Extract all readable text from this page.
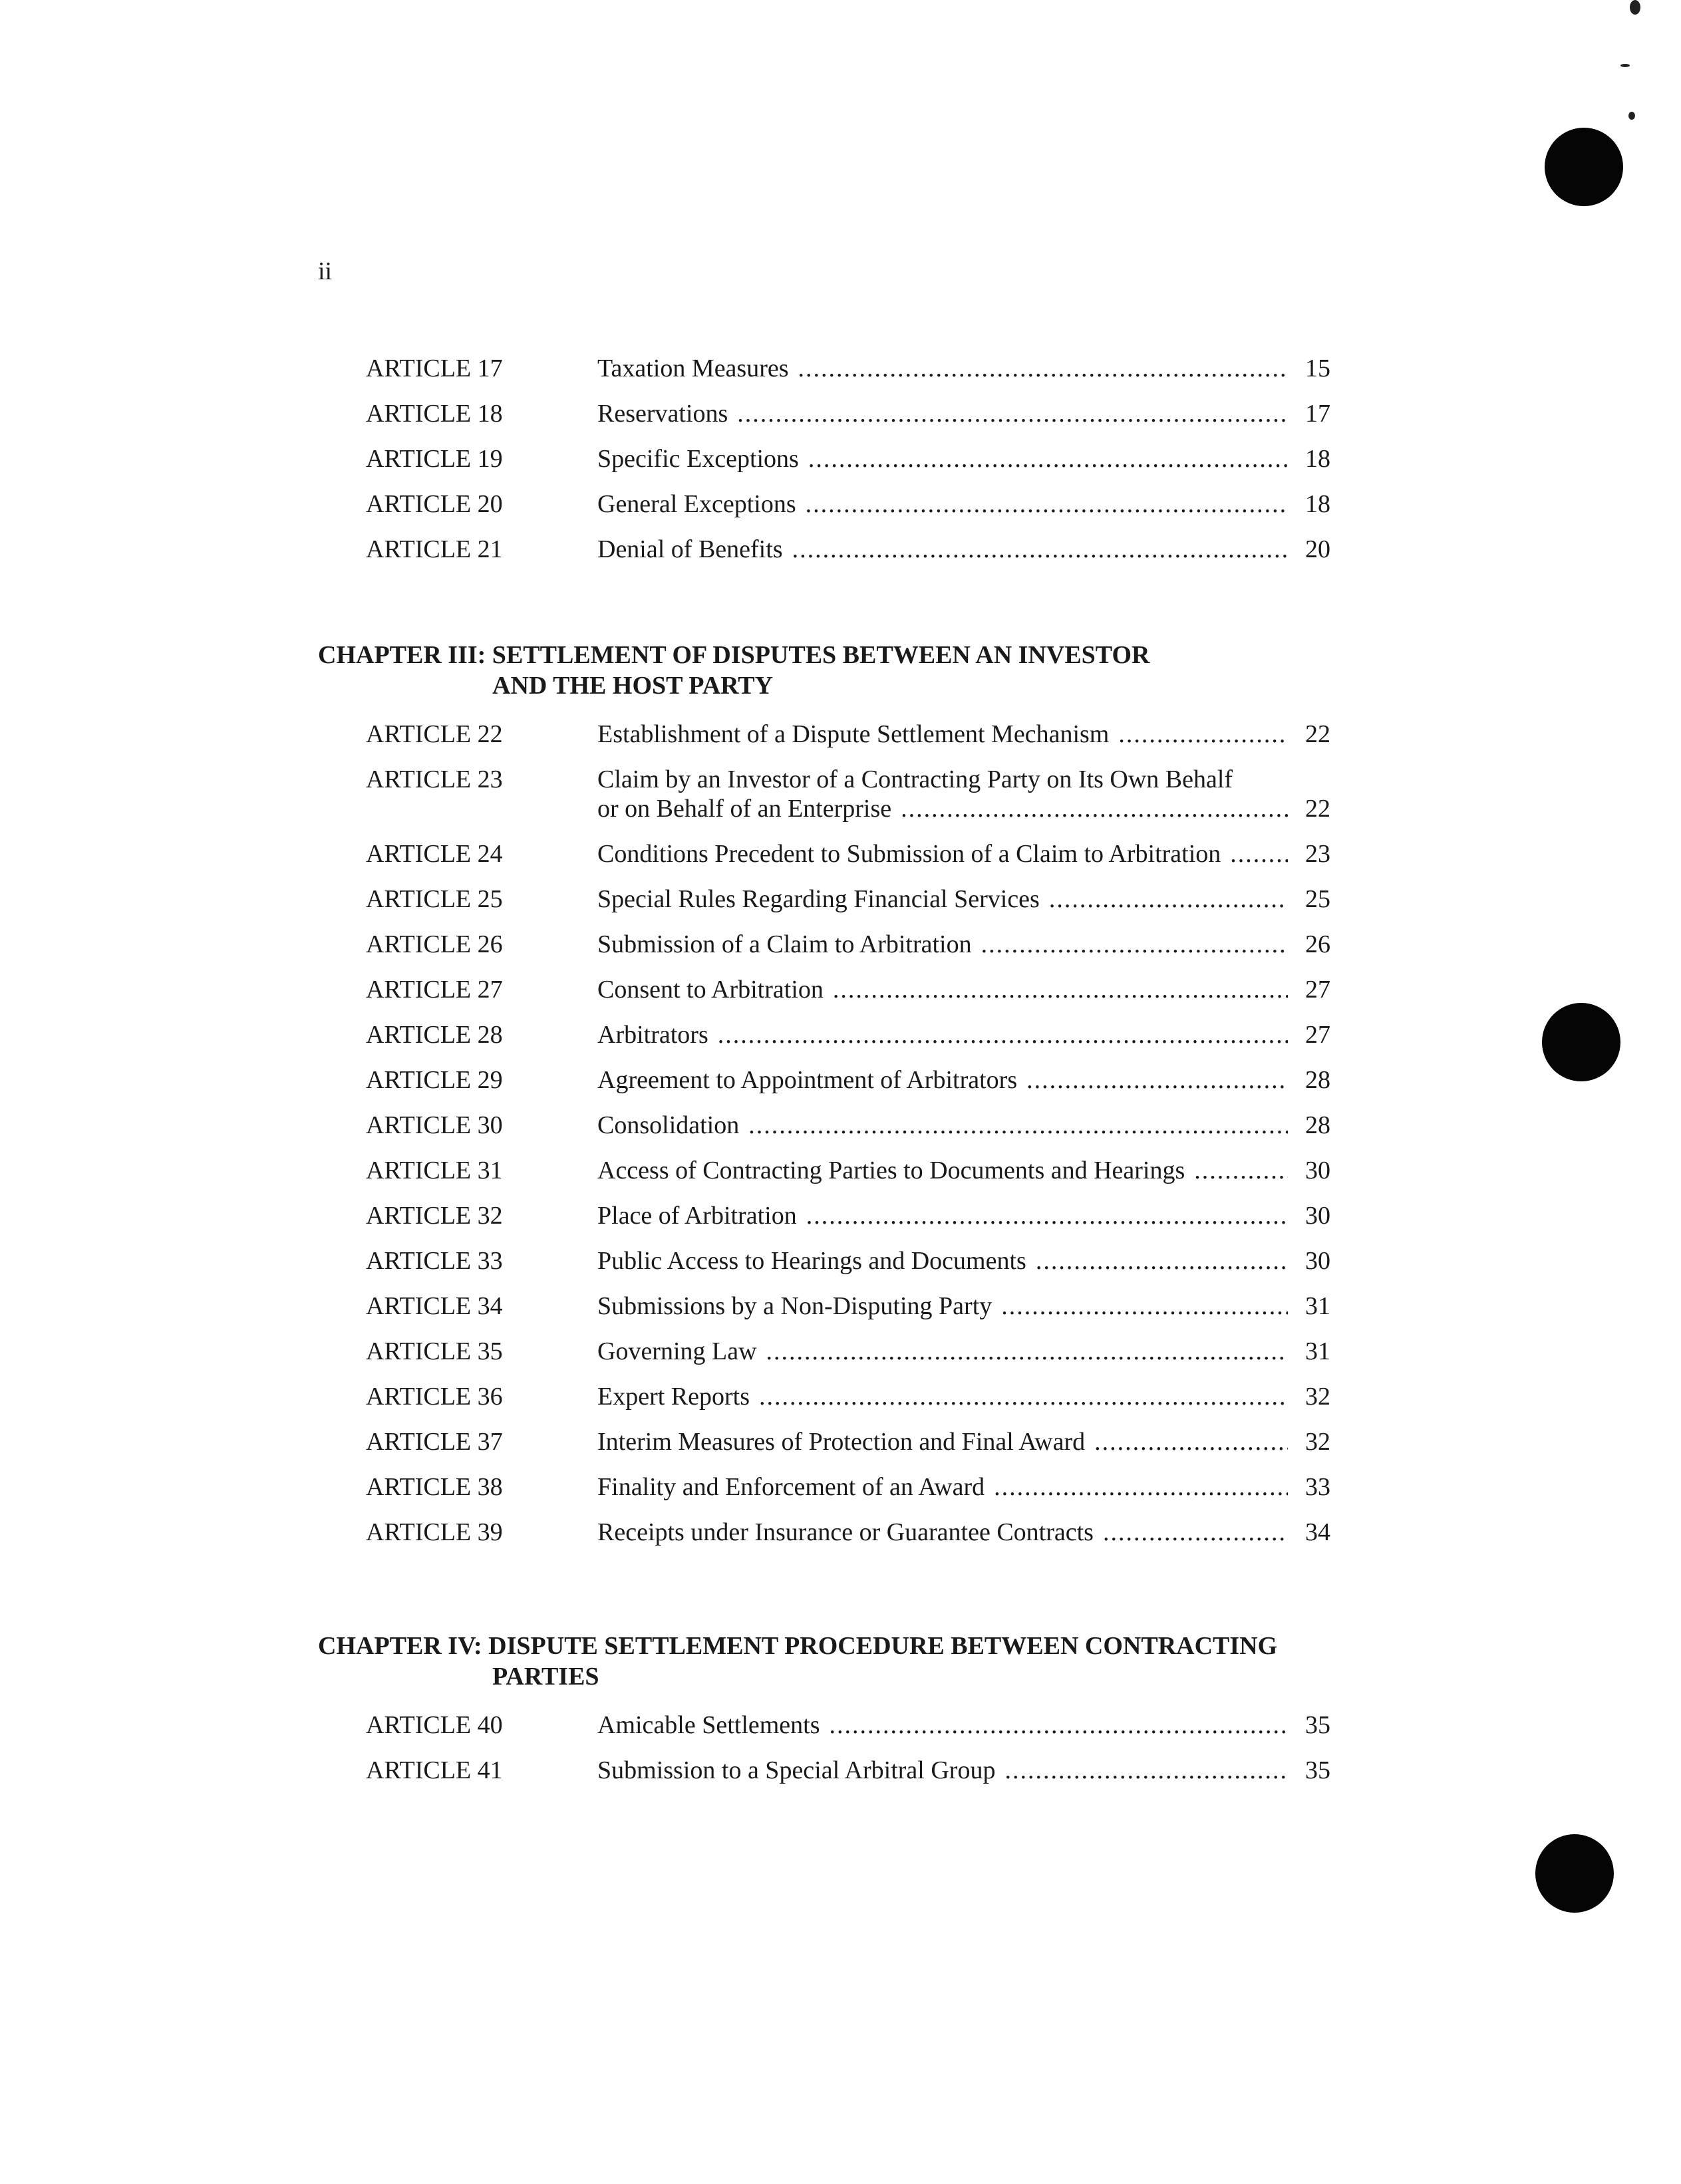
ii
ARTICLE 17	Taxation Measures .....	15
ARTICLE 18	Reservations .....	17
ARTICLE 19	Specific Exceptions .....	18
ARTICLE 20	General Exceptions .....	18
ARTICLE 21	Denial of Benefits .....	20
CHAPTER III: SETTLEMENT OF DISPUTES BETWEEN AN INVESTOR
AND THE HOST PARTY
ARTICLE 22	Establishment of a Dispute Settlement Mechanism .....	22
ARTICLE 23	Claim by an Investor of a Contracting Party on Its Own Behalf
or on Behalf of an Enterprise .....	22
ARTICLE 24	Conditions Precedent to Submission of a Claim to Arbitration .....	23
ARTICLE 25	Special Rules Regarding Financial Services .....	25
ARTICLE 26	Submission of a Claim to Arbitration .....	26
ARTICLE 27	Consent to Arbitration .....	27
ARTICLE 28	Arbitrators .....	27
ARTICLE 29	Agreement to Appointment of Arbitrators .....	28
ARTICLE 30	Consolidation .....	28
ARTICLE 31	Access of Contracting Parties to Documents and Hearings .....	30
ARTICLE 32	Place of Arbitration .....	30
ARTICLE 33	Public Access to Hearings and Documents .....	30
ARTICLE 34	Submissions by a Non-Disputing Party .....	31
ARTICLE 35	Governing Law .....	31
ARTICLE 36	Expert Reports .....	32
ARTICLE 37	Interim Measures of Protection and Final Award .....	32
ARTICLE 38	Finality and Enforcement of an Award .....	33
ARTICLE 39	Receipts under Insurance or Guarantee Contracts .....	34
CHAPTER IV: DISPUTE SETTLEMENT PROCEDURE BETWEEN CONTRACTING
PARTIES
ARTICLE 40	Amicable Settlements .....	35
ARTICLE 41	Submission to a Special Arbitral Group .....	35
